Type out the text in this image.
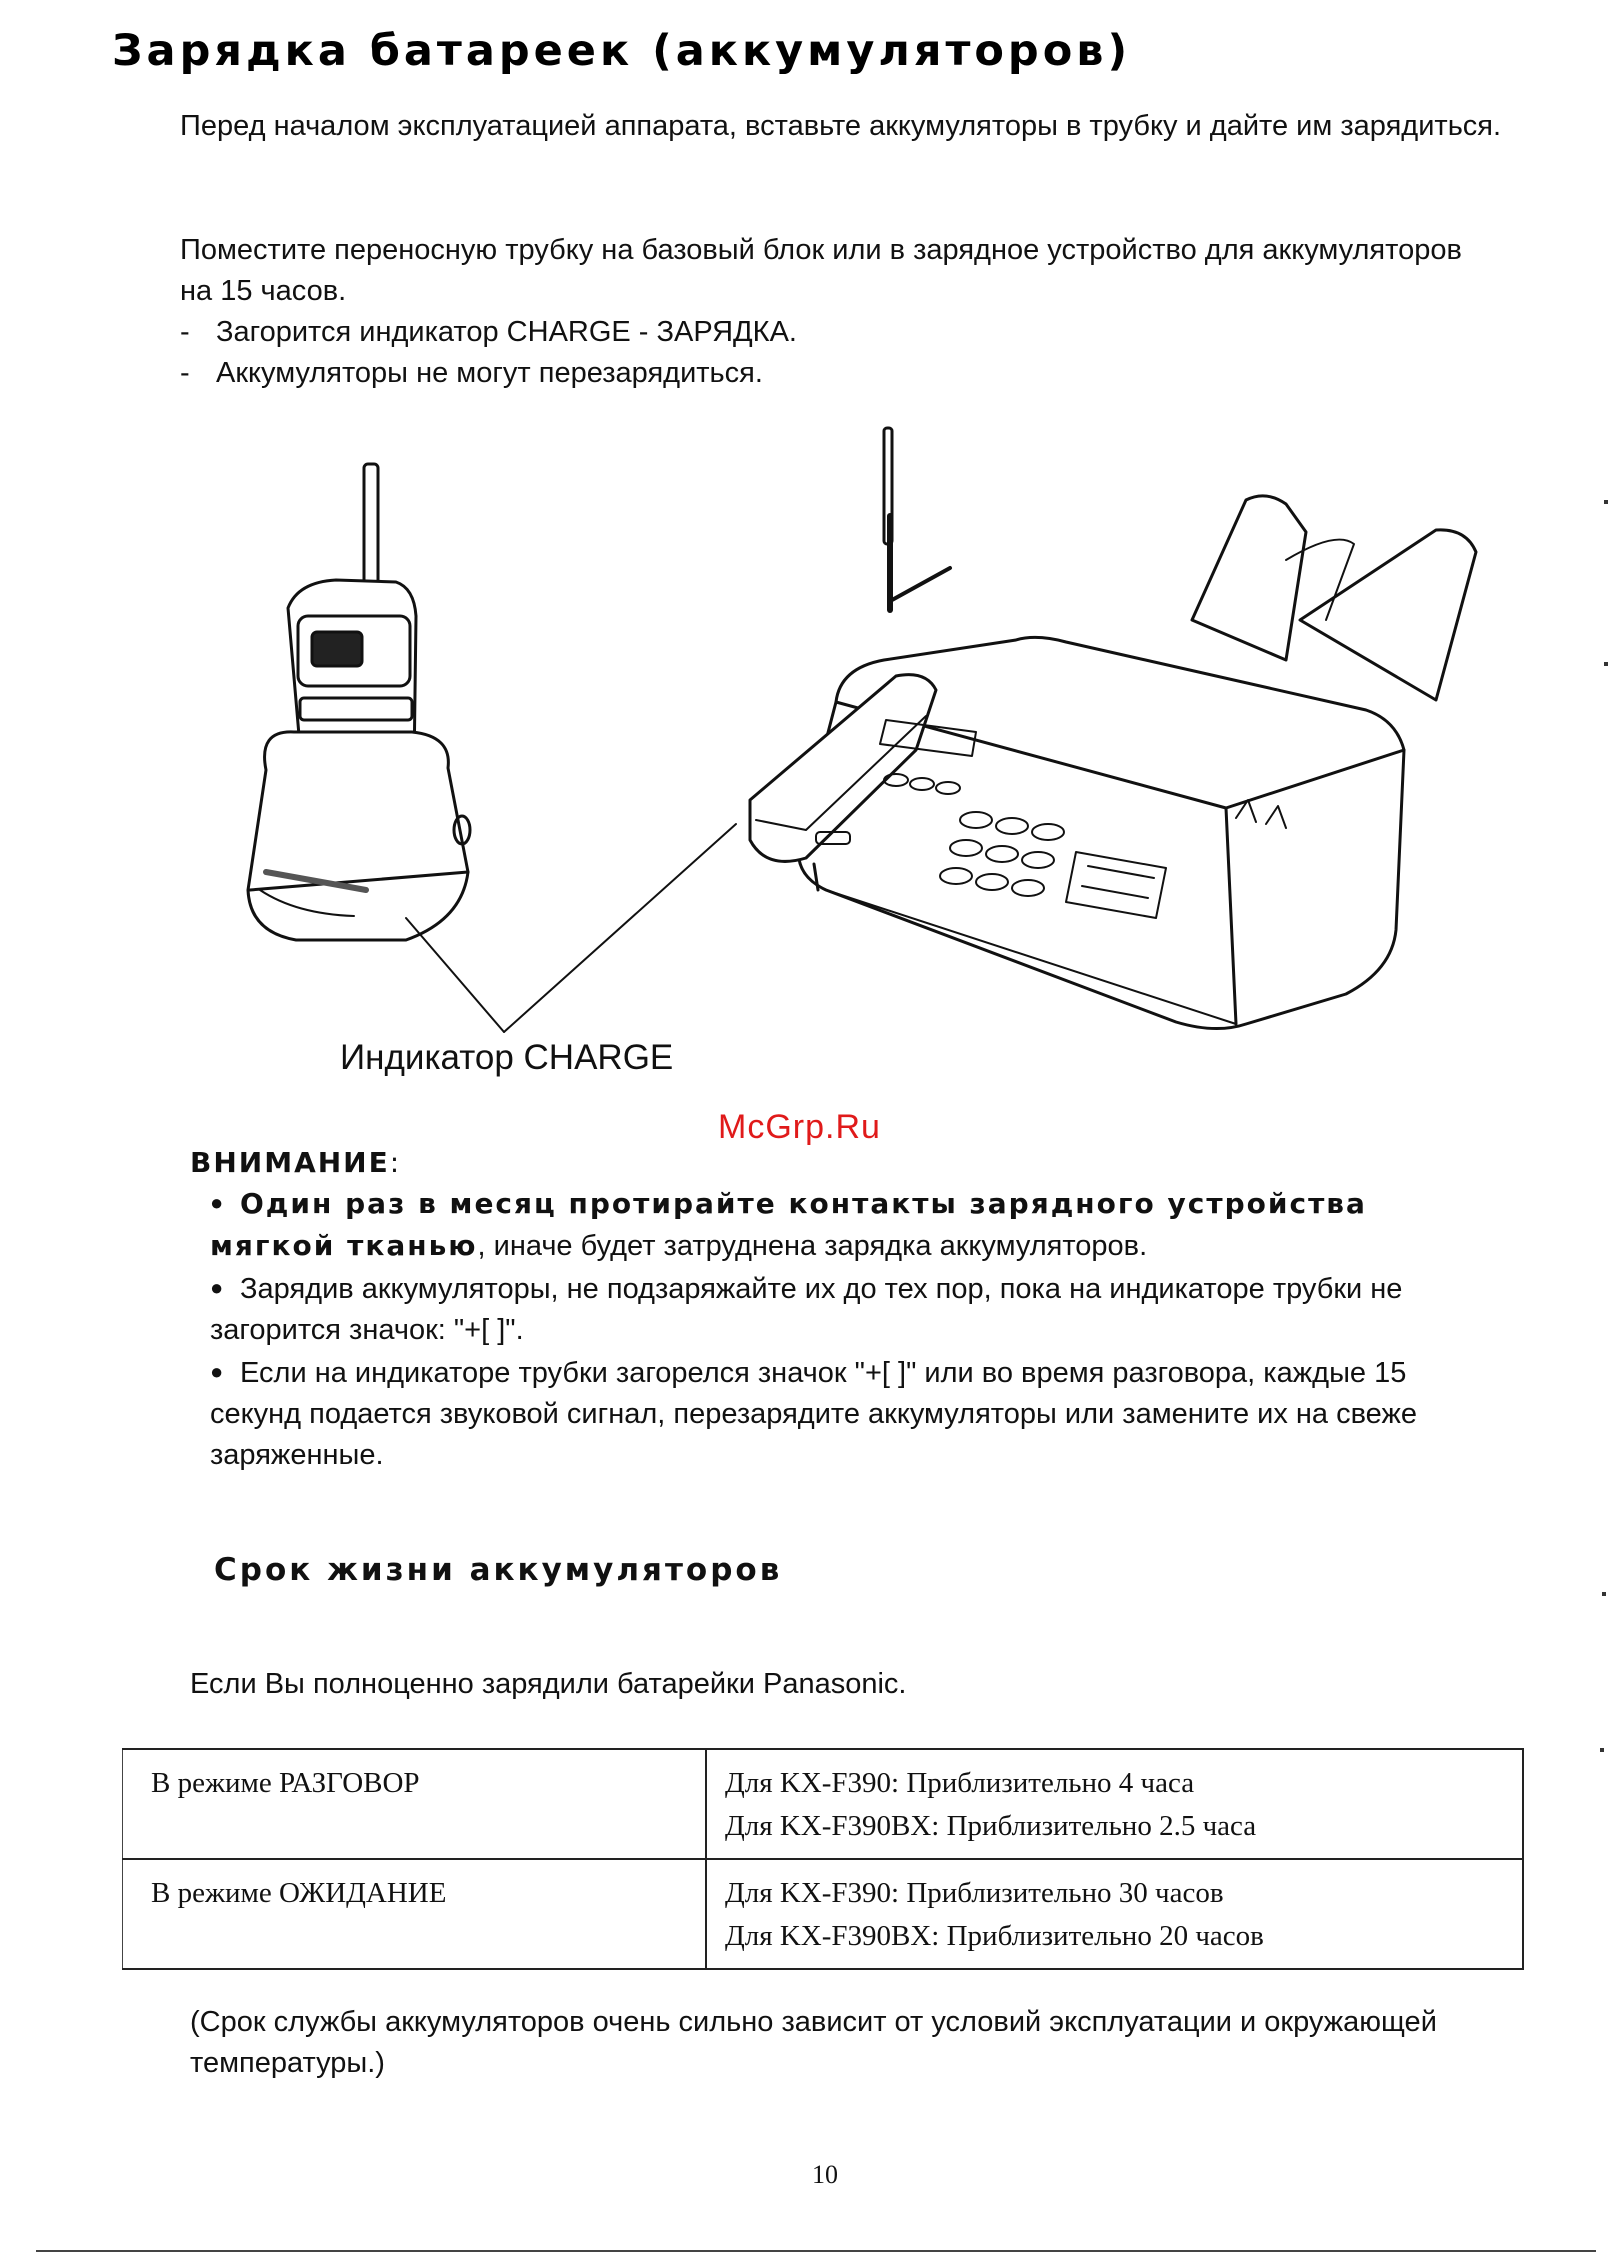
Зарядка батареек (аккумуляторов)

Перед началом эксплуатацией аппарата, вставьте аккумуляторы в трубку и дайте им зарядиться.

Поместите переносную трубку на базовый блок или в зарядное устройство для аккумуляторов на 15 часов.

- Загорится индикатор CHARGE - ЗАРЯДКА.

- Аккумуляторы не могут перезарядиться.

Индикатор CHARGE
McGrp.Ru
ВНИМАНИЕ:
● Один раз в месяц протирайте контакты зарядного устройства мягкой тканью, иначе будет затруднена зарядка аккумуляторов.
● Зарядив аккумуляторы, не подзаряжайте их до тех пор, пока на индикаторе трубки не загорится значок: "+[ ]".
● Если на индикаторе трубки загорелся значок "+[ ]" или во время разговора, каждые 15 секунд подается звуковой сигнал, перезарядите аккумуляторы или замените их на свеже заряженные.
Срок жизни аккумуляторов
Если Вы полноценно зарядили батарейки Panasonic.
В режиме РАЗГОВОР	Для KX-F390: Приблизительно 4 часа
Для KX-F390BX: Приблизительно 2.5 часа

В режиме ОЖИДАНИЕ	Для KX-F390: Приблизительно 30 часов
Для KX-F390BX: Приблизительно 20 часов
(Срок службы аккумуляторов очень сильно зависит от условий эксплуатации и окружающей температуры.)
10
